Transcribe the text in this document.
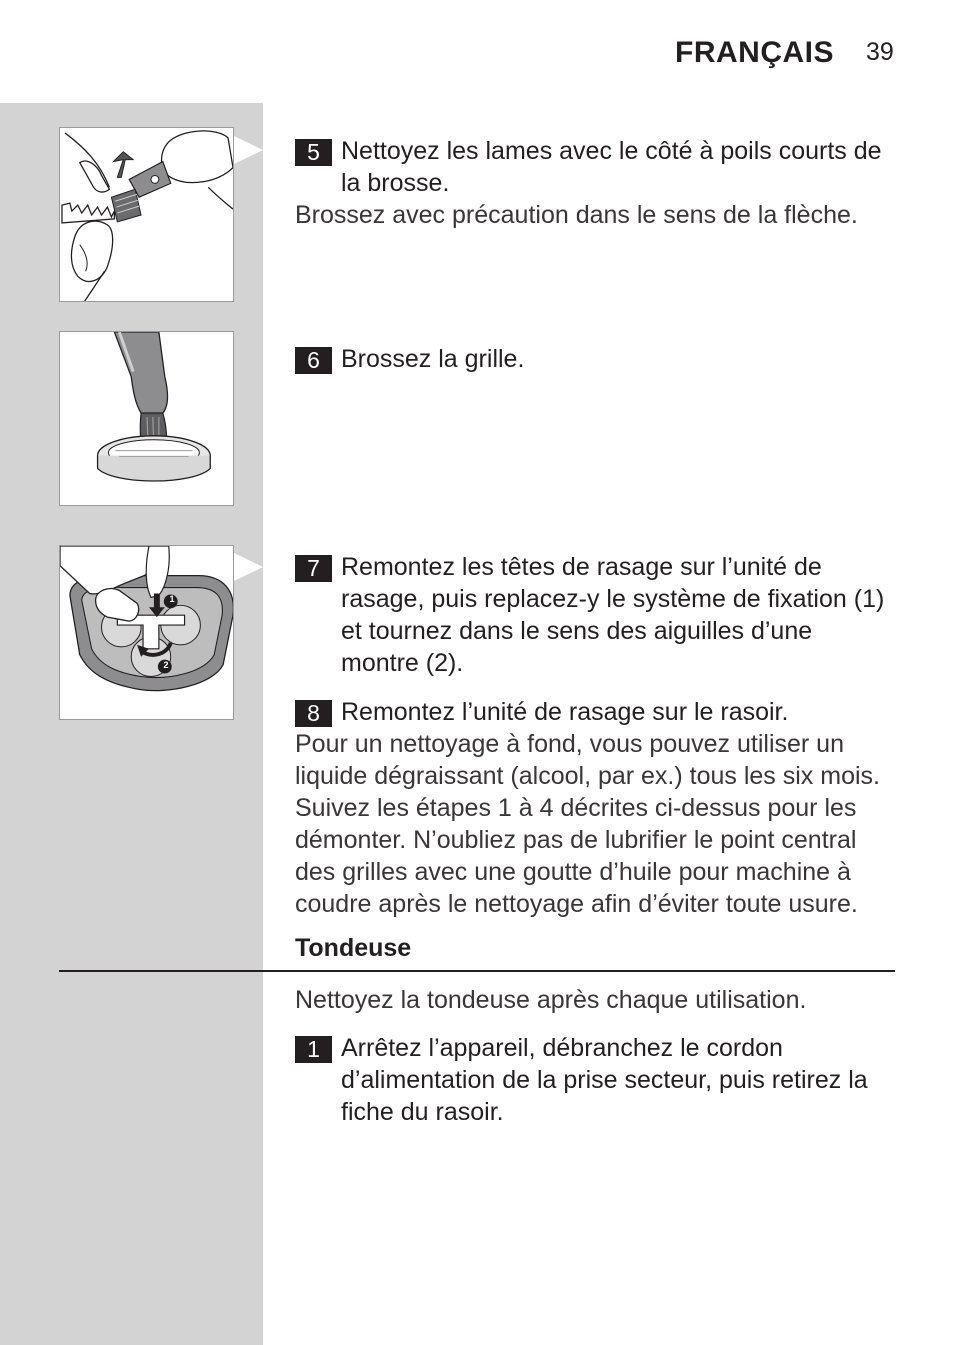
FRANÇAIS 39
1
2
5 Nettoyez les lames avec le côté à poils courts de la brosse.
Brossez avec précaution dans le sens de la flèche.
6 Brossez la grille.
7 Remontez les têtes de rasage sur l’unité de rasage, puis replacez-y le système de fixation (1) et tournez dans le sens des aiguilles d’une montre (2).
8 Remontez l’unité de rasage sur le rasoir.
Pour un nettoyage à fond, vous pouvez utiliser un liquide dégraissant (alcool, par ex.) tous les six mois. Suivez les étapes 1 à 4 décrites ci-dessus pour les démonter. N’oubliez pas de lubrifier le point central des grilles avec une goutte d’huile pour machine à coudre après le nettoyage afin d’éviter toute usure.
Tondeuse
Nettoyez la tondeuse après chaque utilisation.
1 Arrêtez l’appareil, débranchez le cordon d’alimentation de la prise secteur, puis retirez la fiche du rasoir.
